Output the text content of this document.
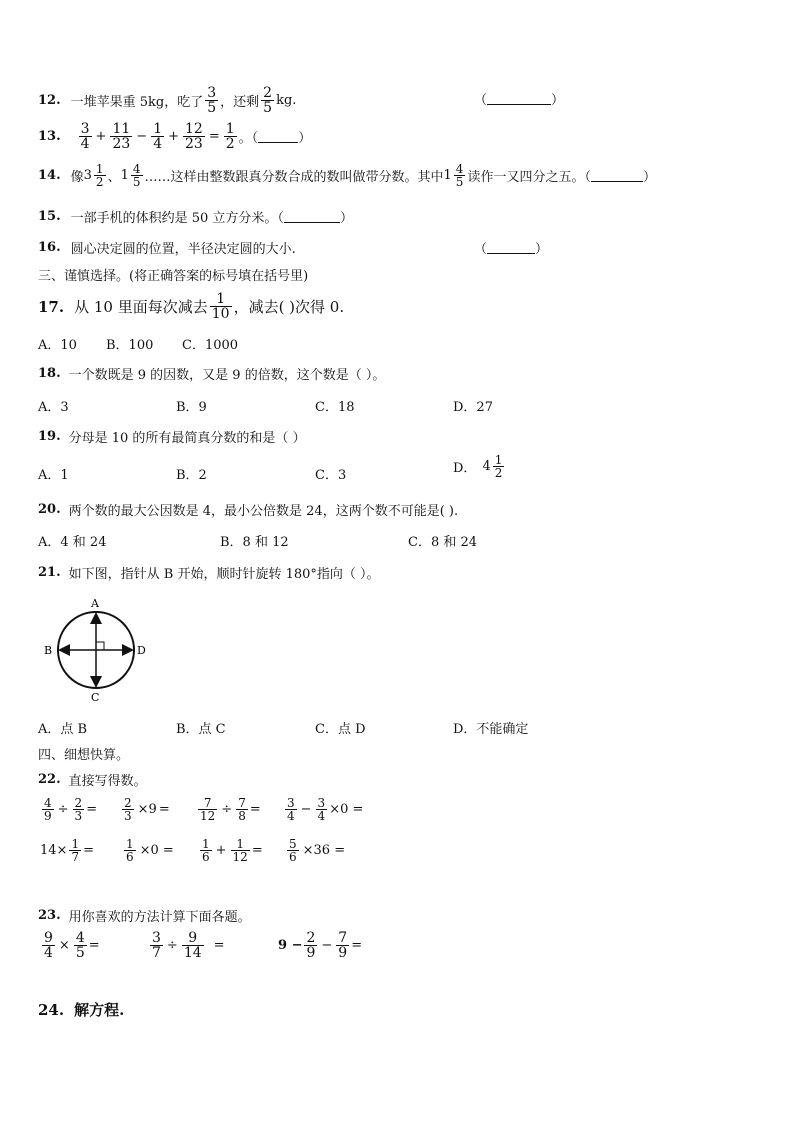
12. 一堆苹果重 5kg，吃了 $\frac{3}{5}$ ，还剩 $\frac{2}{5}$ kg.	（	）
13. $\frac{3}{4} + \frac{11}{23} - \frac{1}{4} + \frac{12}{23} = \frac{1}{2}$ 。（	）
14. 像 $3 \frac{1}{2}$ 、 $1 \frac{4}{5}$ ……这样由整数跟真分数合成的数叫做带分数。其中 $1 \frac{4}{5}$ 读作一又四分之五。（	）
15. 一部手机的体积约是 50 立方分米。（	）
16. 圆心决定圆的位置，半径决定圆的大小.	（	）
三、谨慎选择。(将正确答案的标号填在括号里)
17. 从 10 里面每次减去 $\frac{1}{10}$ ，减去( )次得 0.
A．10 B．100 C．1000
18. 一个数既是 9 的因数，又是 9 的倍数，这个数是（ ）。
A．3	B．9	C．18	D．27
19. 分母是 10 的所有最简真分数的和是（ ）
A．1	B．2	C．3	D． $4 \frac{1}{2}$
20. 两个数的最大公因数是 4，最小公倍数是 24，这两个数不可能是( ).
A．4 和 24	B．8 和 12	C．8 和 24
21. 如下图，指针从 B 开始，顺时针旋转 180°指向（ ）。
A
C
B	D
A．点 B	B．点 C	C．点 D	D．不能确定
四、细想快算。
22. 直接写得数。
$\frac{4}{9} \div \frac{2}{3} = \frac{2}{3} \times 9 = \frac{7}{12} \div \frac{7}{8} = \frac{3}{4} - \frac{3}{4} \times 0$ =
$14\times \frac{1}{7}$ =	$\frac{1}{6} \times 0 = \frac{1}{6} + \frac{1}{12} = \frac{5}{6} \times 36$ =
23. 用你喜欢的方法计算下面各题。
$\frac{9}{4} \times \frac{4}{5}$ =	$\frac{3}{7} \div \frac{9}{14}$ =	$9 - \frac{2}{9} - \frac{7}{9}$ =
24. 解方程.
